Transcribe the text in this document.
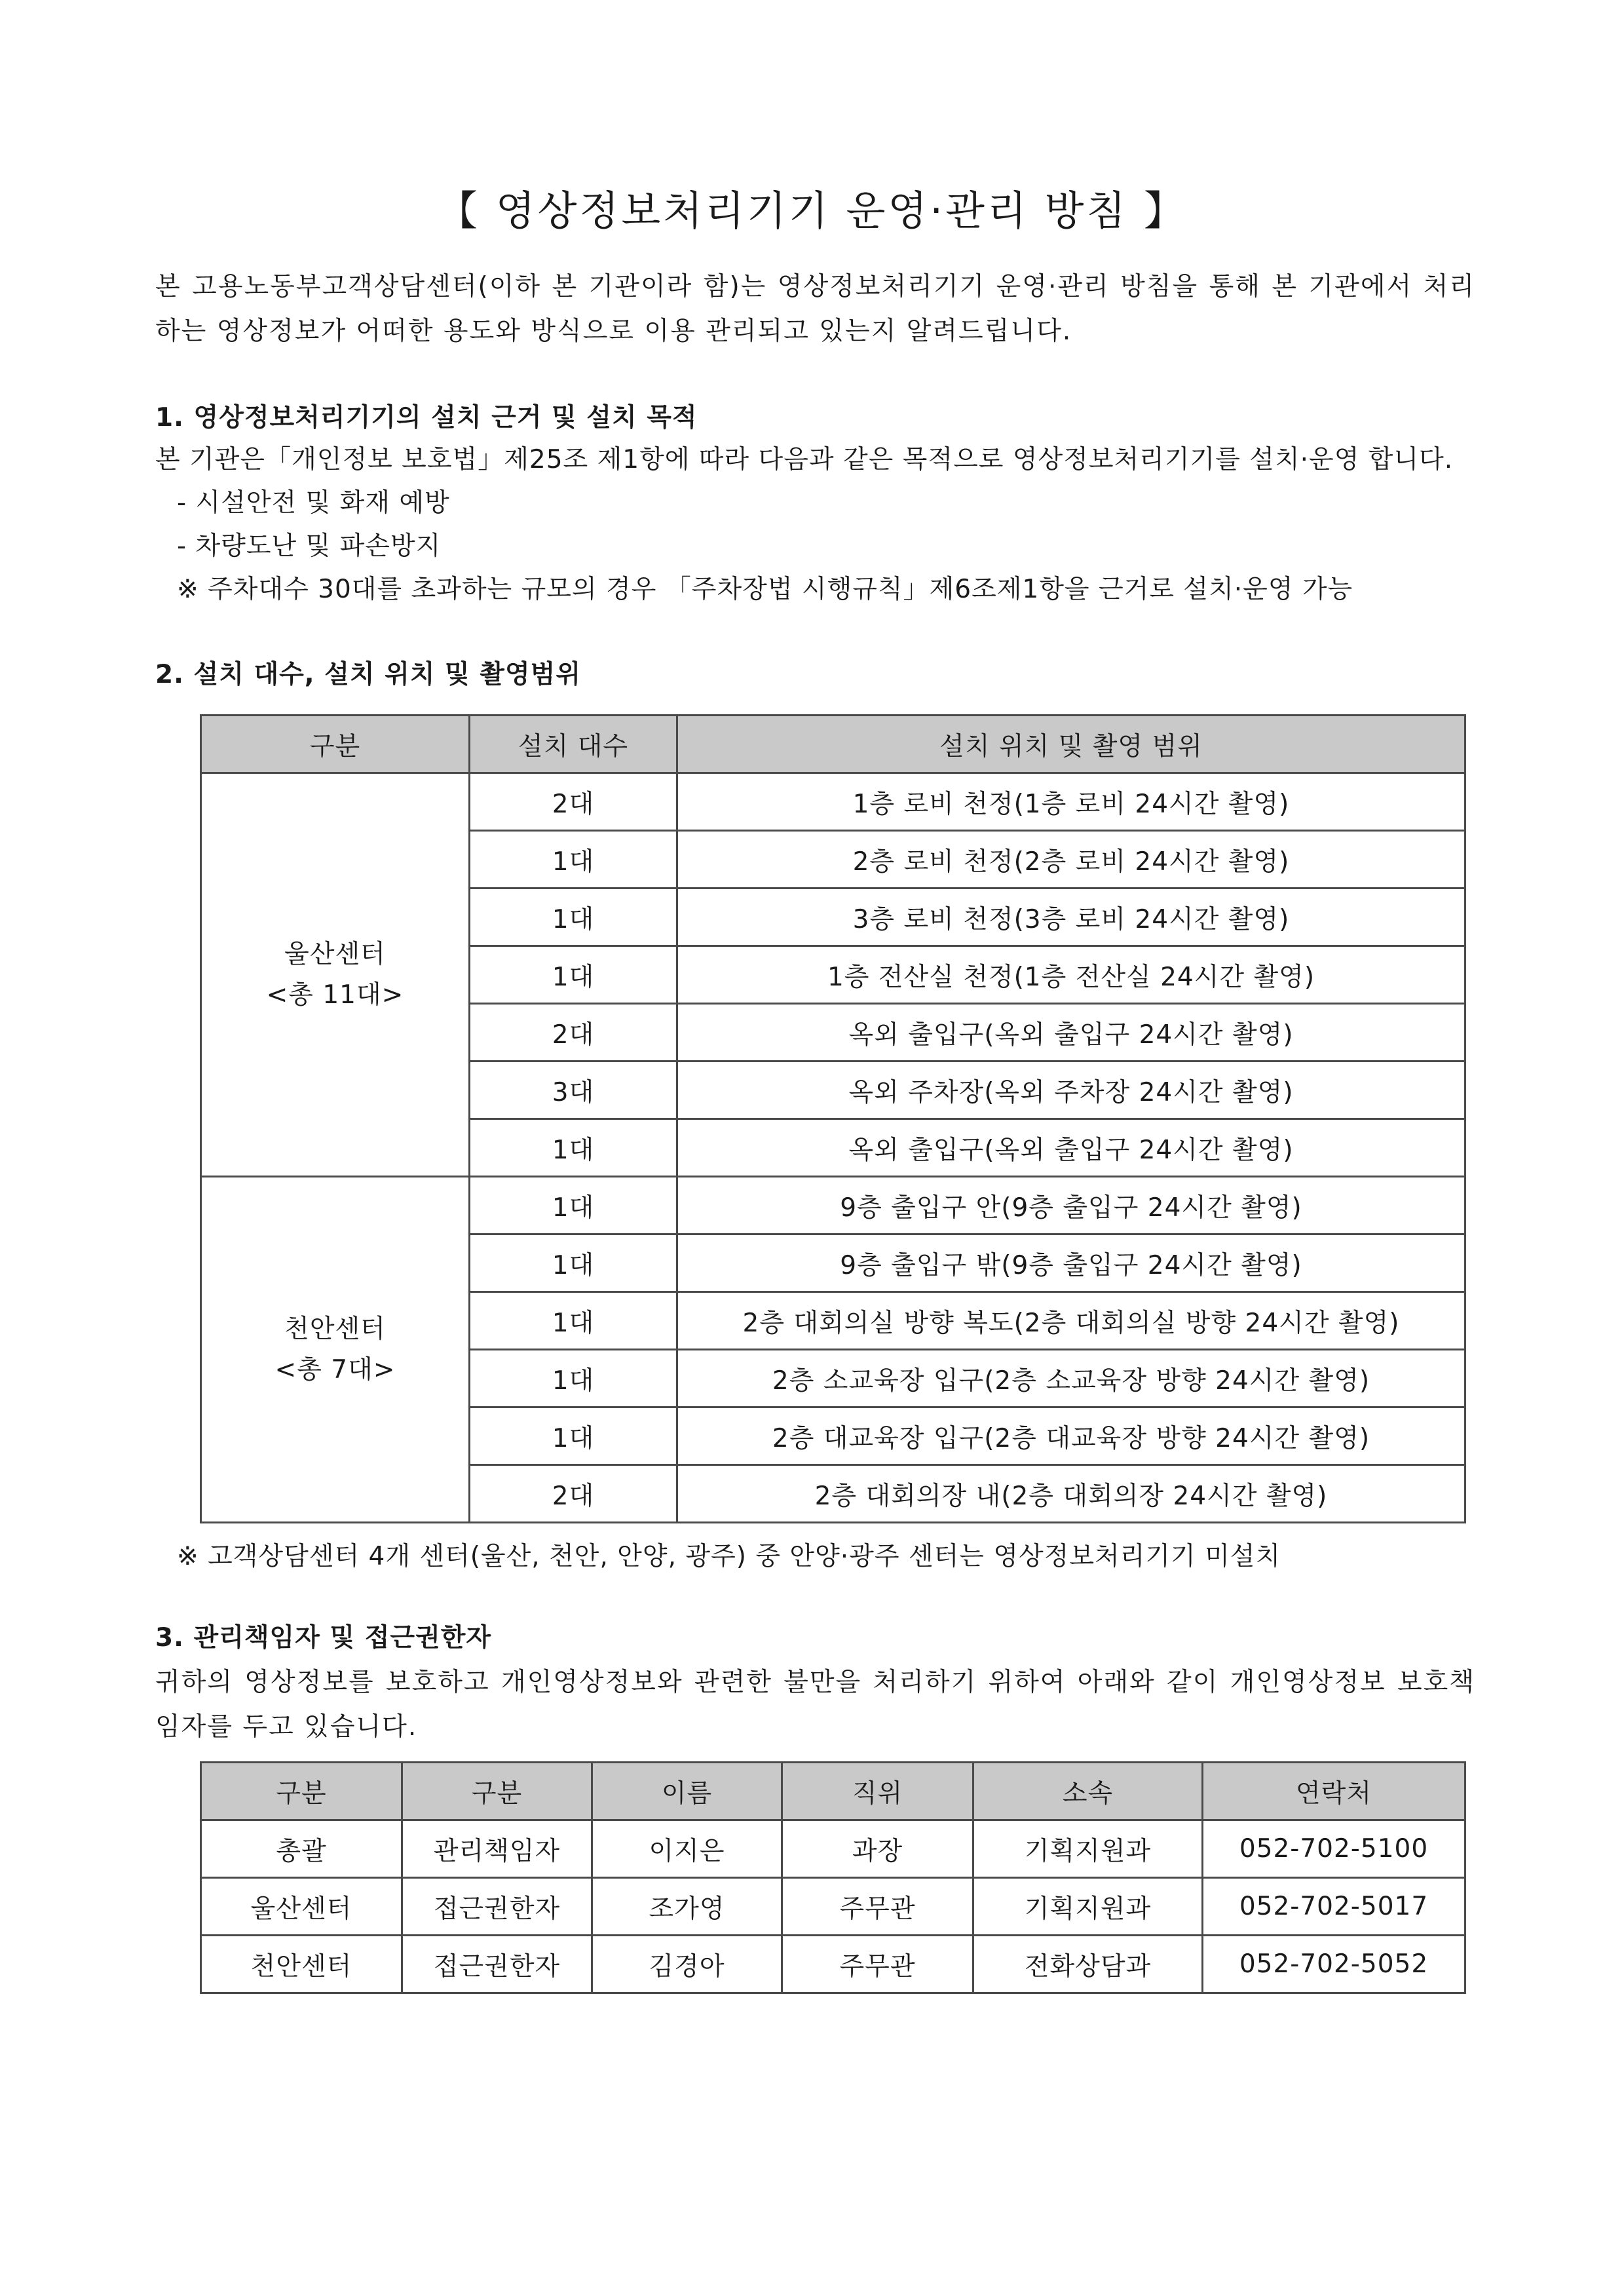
【 영상정보처리기기 운영·관리 방침 】
본 고용노동부고객상담센터(이하 본 기관이라 함)는 영상정보처리기기 운영·관리 방침을 통해 본 기관에서 처리하는 영상정보가 어떠한 용도와 방식으로 이용 관리되고 있는지 알려드립니다.
1. 영상정보처리기기의 설치 근거 및 설치 목적
본 기관은「개인정보 보호법」제25조 제1항에 따라 다음과 같은 목적으로 영상정보처리기기를 설치·운영 합니다.
- 시설안전 및 화재 예방
- 차량도난 및 파손방지
※ 주차대수 30대를 초과하는 규모의 경우 「주차장법 시행규칙」제6조제1항을 근거로 설치·운영 가능
2. 설치 대수, 설치 위치 및 촬영범위
구분	설치 대수	설치 위치 및 촬영 범위

울산센터
<총 11대>	2대	1층 로비 천정(1층 로비 24시간 촬영)
	1대	2층 로비 천정(2층 로비 24시간 촬영)
	1대	3층 로비 천정(3층 로비 24시간 촬영)
	1대	1층 전산실 천정(1층 전산실 24시간 촬영)
	2대	옥외 출입구(옥외 출입구 24시간 촬영)
	3대	옥외 주차장(옥외 주차장 24시간 촬영)
	1대	옥외 출입구(옥외 출입구 24시간 촬영)

천안센터
<총 7대>	1대	9층 출입구 안(9층 출입구 24시간 촬영)
	1대	9층 출입구 밖(9층 출입구 24시간 촬영)
	1대	2층 대회의실 방향 복도(2층 대회의실 방향 24시간 촬영)
	1대	2층 소교육장 입구(2층 소교육장 방향 24시간 촬영)
	1대	2층 대교육장 입구(2층 대교육장 방향 24시간 촬영)
	2대	2층 대회의장 내(2층 대회의장 24시간 촬영)
※ 고객상담센터 4개 센터(울산, 천안, 안양, 광주) 중 안양·광주 센터는 영상정보처리기기 미설치
3. 관리책임자 및 접근권한자
귀하의 영상정보를 보호하고 개인영상정보와 관련한 불만을 처리하기 위하여 아래와 같이 개인영상정보 보호책임자를 두고 있습니다.
구분	구분	이름	직위	소속	연락처
총괄	관리책임자	이지은	과장	기획지원과	052-702-5100
울산센터	접근권한자	조가영	주무관	기획지원과	052-702-5017
천안센터	접근권한자	김경아	주무관	전화상담과	052-702-5052
